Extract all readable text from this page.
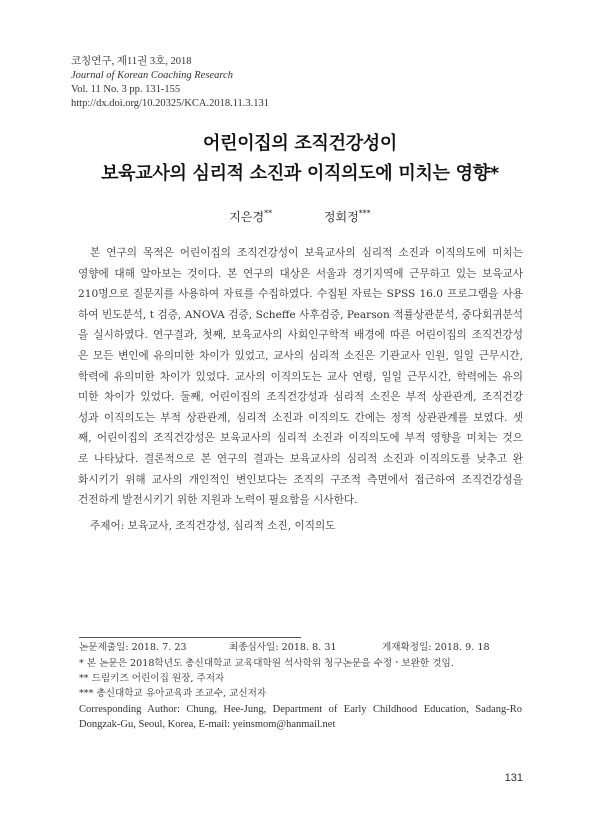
코칭연구, 제11권 3호, 2018
Journal of Korean Coaching Research
Vol. 11 No. 3 pp. 131-155
http://dx.doi.org/10.20325/KCA.2018.11.3.131
어린이집의 조직건강성이
보육교사의 심리적 소진과 이직의도에 미치는 영향*
지은경**	정회정***
본 연구의 목적은 어린이집의 조직건강성이 보육교사의 심리적 소진과 이직의도에 미치는
영향에 대해 알아보는 것이다. 본 연구의 대상은 서울과 경기지역에 근무하고 있는 보육교사
210명으로 질문지를 사용하여 자료를 수집하였다. 수집된 자료는 SPSS 16.0 프로그램을 사용
하여 빈도분석, t 검증, ANOVA 검증, Scheffe 사후검증, Pearson 적률상관분석, 중다회귀분석
을 실시하였다. 연구결과, 첫째, 보육교사의 사회인구학적 배경에 따른 어린이집의 조직건강성
은 모든 변인에 유의미한 차이가 있었고, 교사의 심리적 소진은 기관교사 인원, 일일 근무시간,
학력에 유의미한 차이가 있었다. 교사의 이직의도는 교사 연령, 일일 근무시간, 학력에는 유의
미한 차이가 있었다. 둘째, 어린이집의 조직건강성과 심리적 소진은 부적 상관관계, 조직건강
성과 이직의도는 부적 상관관계, 심리적 소진과 이직의도 간에는 정적 상관관계를 보였다. 셋
째, 어린이집의 조직건강성은 보육교사의 심리적 소진과 이직의도에 부적 영향을 미치는 것으
로 나타났다. 결론적으로 본 연구의 결과는 보육교사의 심리적 소진과 이직의도를 낮추고 완
화시키기 위해 교사의 개인적인 변인보다는 조직의 구조적 측면에서 접근하여 조직건강성을
건전하게 발전시키기 위한 지원과 노력이 필요함을 시사한다.
주제어: 보육교사, 조직건강성, 심리적 소진, 이직의도
논문제출일: 2018. 7. 23	최종심사일: 2018. 8. 31	게재확정일: 2018. 9. 18
* 본 논문은 2018학년도 총신대학교 교육대학원 석사학위 청구논문을 수정ㆍ보완한 것임.
** 드림키즈 어린이집 원장, 주저자
*** 총신대학교 유아교육과 조교수, 교신저자
Corresponding Author: Chung, Hee-Jung, Department of Early Childhood Education, Sadang-Ro Dongzak-Gu, Seoul, Korea, E-mail: yeinsmom@hanmail.net
131
